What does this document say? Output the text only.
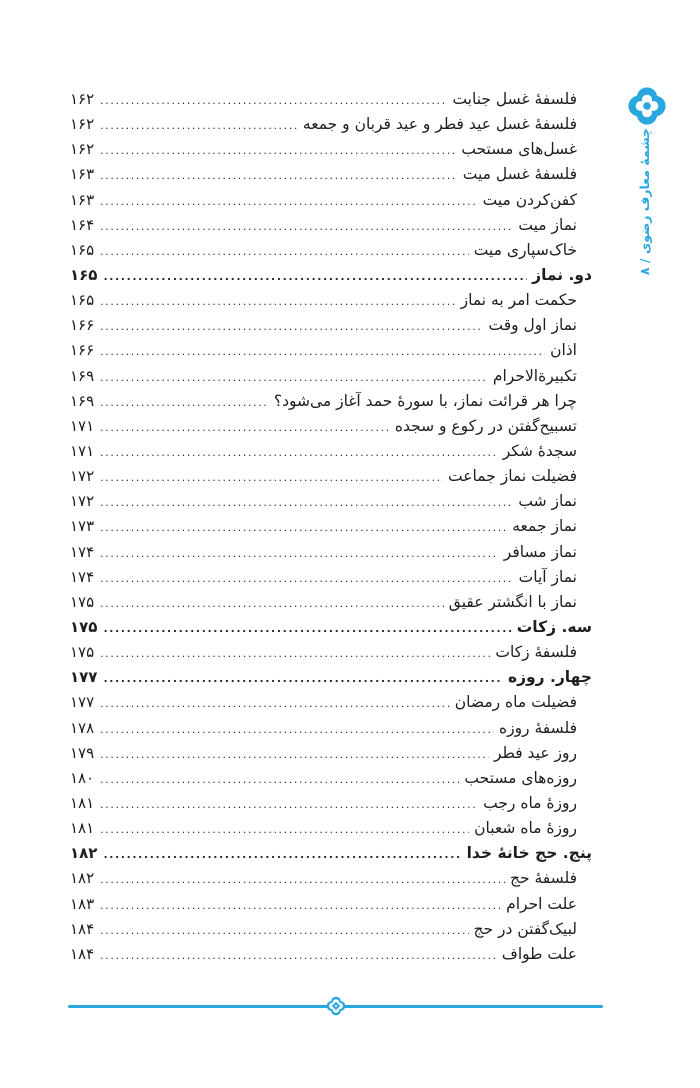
چشمهٔ معارف رضوی / ۸
فلسفهٔ غسل جنابت
.....
۱۶۲
فلسفهٔ غسل عید فطر و عید قربان و جمعه
.....
۱۶۲
غسل‌های مستحب
.....
۱۶۲
فلسفهٔ غسل میت
.....
۱۶۳
کفن‌کردن میت
.....
۱۶۳
نماز میت
.....
۱۶۴
خاک‌سپاری میت
.....
۱۶۵
دو. نماز
.....
۱۶۵
حکمت امر به نماز
.....
۱۶۵
نماز اول وقت
.....
۱۶۶
اذان
.....
۱۶۶
تکبیرةالاحرام
.....
۱۶۹
چرا هر قرائت نماز، با سورهٔ حمد آغاز می‌شود؟
.....
۱۶۹
تسبیح‌گفتن در رکوع و سجده
.....
۱۷۱
سجدهٔ شکر
.....
۱۷۱
فضیلت نماز جماعت
.....
۱۷۲
نماز شب
.....
۱۷۲
نماز جمعه
.....
۱۷۳
نماز مسافر
.....
۱۷۴
نماز آیات
.....
۱۷۴
نماز با انگشتر عقیق
.....
۱۷۵
سه. زکات
.....
۱۷۵
فلسفهٔ زکات
.....
۱۷۵
چهار. روزه
.....
۱۷۷
فضیلت ماه رمضان
.....
۱۷۷
فلسفهٔ روزه
.....
۱۷۸
روز عید فطر
.....
۱۷۹
روزه‌های مستحب
.....
۱۸۰
روزهٔ ماه رجب
.....
۱۸۱
روزهٔ ماه شعبان
.....
۱۸۱
پنج. حج خانهٔ خدا
.....
۱۸۲
فلسفهٔ حج
.....
۱۸۲
علت احرام
.....
۱۸۳
لبیک‌گفتن در حج
.....
۱۸۴
علت طواف
.....
۱۸۴
